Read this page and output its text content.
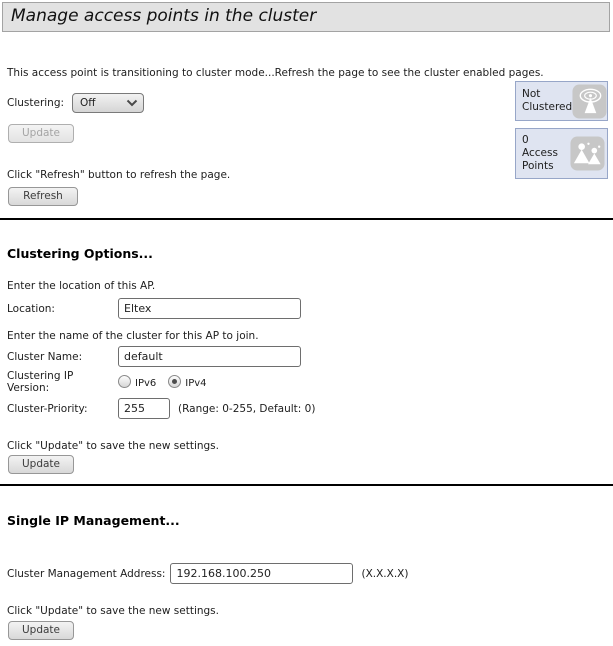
Manage access points in the cluster
Not Clustered
0
Access Points
This access point is transitioning to cluster mode...Refresh the page to see the cluster enabled pages.
Clustering: Off
Update
Click "Refresh" button to refresh the page.
Refresh
Clustering Options...
Enter the location of this AP.
Location:
Eltex
Enter the name of the cluster for this AP to join.
Cluster Name:
default
Clustering IP Version:	IPv6	IPv4
Cluster-Priority:
255	(Range: 0-255, Default: 0)
Click "Update" to save the new settings.
Update
Single IP Management...
Cluster Management Address:
192.168.100.250	(X.X.X.X)
Click "Update" to save the new settings.
Update
